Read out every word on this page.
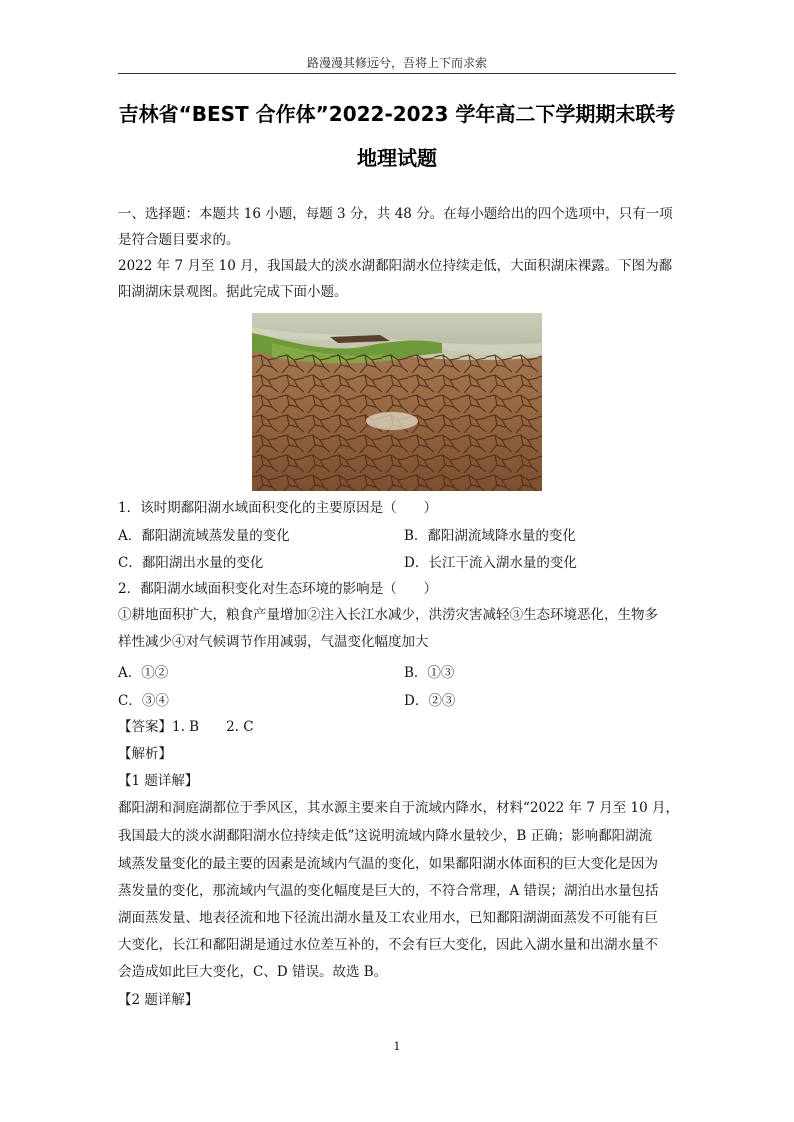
路漫漫其修远兮，吾将上下而求索
吉林省“BEST 合作体”2022-2023 学年高二下学期期末联考
地理试题
一、选择题：本题共 16 小题，每题 3 分，共 48 分。在每小题给出的四个选项中，只有一项
是符合题目要求的。
2022 年 7 月至 10 月，我国最大的淡水湖鄱阳湖水位持续走低，大面积湖床裸露。下图为鄱
阳湖湖床景观图。据此完成下面小题。
1．该时期鄱阳湖水域面积变化的主要原因是（　　）
A．鄱阳湖流域蒸发量的变化	B．鄱阳湖流域降水量的变化
C．鄱阳湖出水量的变化	D．长江干流入湖水量的变化
2．鄱阳湖水域面积变化对生态环境的影响是（　　）
①耕地面积扩大，粮食产量增加②注入长江水减少，洪涝灾害减轻③生态环境恶化，生物多
样性减少④对气候调节作用减弱，气温变化幅度加大
A．①②	B．①③
C．③④	D．②③
【答案】1. B　　2. C
【解析】
【1 题详解】
鄱阳湖和洞庭湖都位于季风区，其水源主要来自于流域内降水，材料“2022 年 7 月至 10 月，
我国最大的淡水湖鄱阳湖水位持续走低”这说明流域内降水量较少，B 正确；影响鄱阳湖流
域蒸发量变化的最主要的因素是流域内气温的变化，如果鄱阳湖水体面积的巨大变化是因为
蒸发量的变化，那流域内气温的变化幅度是巨大的，不符合常理，A 错误；湖泊出水量包括
湖面蒸发量、地表径流和地下径流出湖水量及工农业用水，已知鄱阳湖湖面蒸发不可能有巨
大变化，长江和鄱阳湖是通过水位差互补的，不会有巨大变化，因此入湖水量和出湖水量不
会造成如此巨大变化，C、D 错误。故选 B。
【2 题详解】
1
